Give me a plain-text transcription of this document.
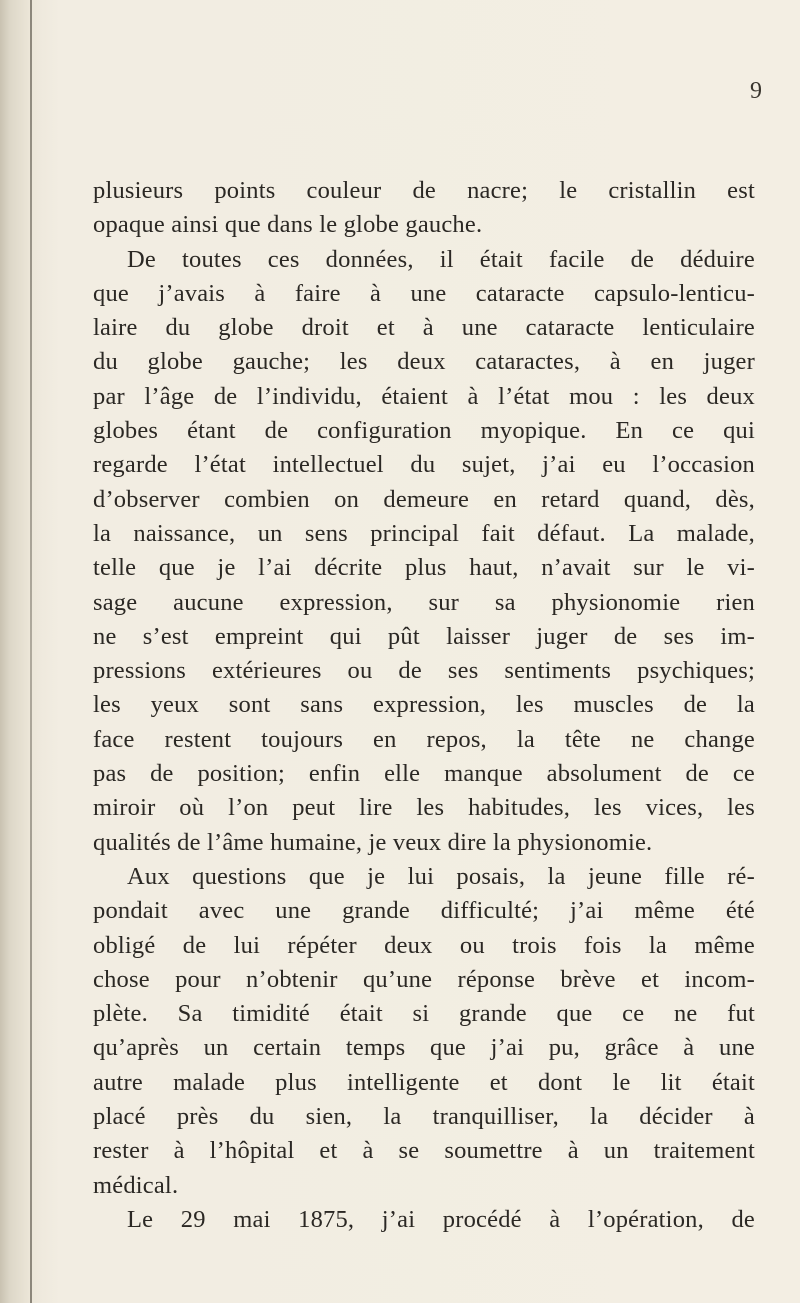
9
plusieurs points couleur de nacre; le cristallin est
opaque ainsi que dans le globe gauche.
De toutes ces données, il était facile de déduire
que j’avais à faire à une cataracte capsulo-lenticu-
laire du globe droit et à une cataracte lenticulaire
du globe gauche; les deux cataractes, à en juger
par l’âge de l’individu, étaient à l’état mou : les deux
globes étant de configuration myopique. En ce qui
regarde l’état intellectuel du sujet, j’ai eu l’occasion
d’observer combien on demeure en retard quand, dès,
la naissance, un sens principal fait défaut. La malade,
telle que je l’ai décrite plus haut, n’avait sur le vi-
sage aucune expression, sur sa physionomie rien
ne s’est empreint qui pût laisser juger de ses im-
pressions extérieures ou de ses sentiments psychiques;
les yeux sont sans expression, les muscles de la
face restent toujours en repos, la tête ne change
pas de position; enfin elle manque absolument de ce
miroir où l’on peut lire les habitudes, les vices, les
qualités de l’âme humaine, je veux dire la physionomie.
Aux questions que je lui posais, la jeune fille ré-
pondait avec une grande difficulté; j’ai même été
obligé de lui répéter deux ou trois fois la même
chose pour n’obtenir qu’une réponse brève et incom-
plète. Sa timidité était si grande que ce ne fut
qu’après un certain temps que j’ai pu, grâce à une
autre malade plus intelligente et dont le lit était
placé près du sien, la tranquilliser, la décider à
rester à l’hôpital et à se soumettre à un traitement
médical.
Le 29 mai 1875, j’ai procédé à l’opération, de
